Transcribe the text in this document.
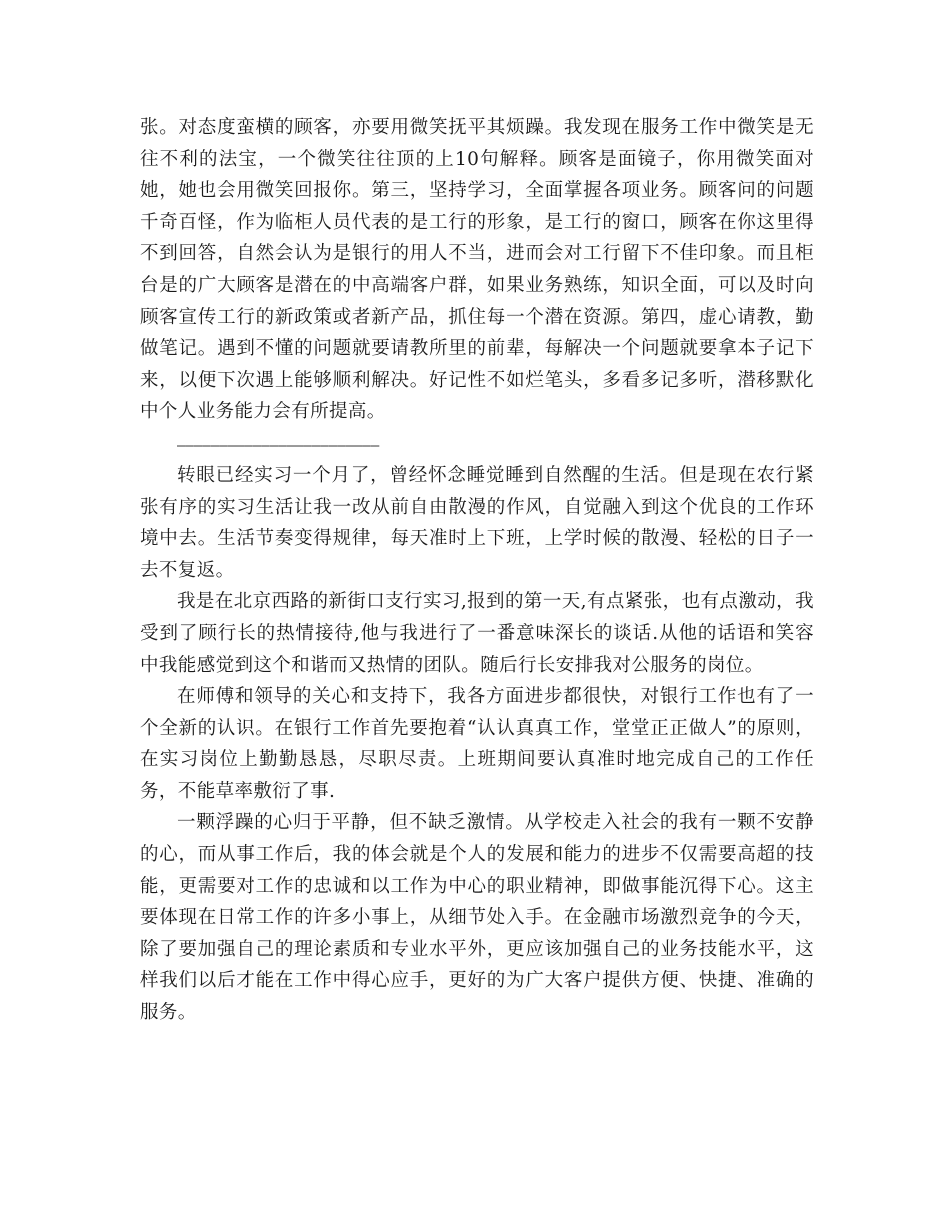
张。对态度蛮横的顾客，亦要用微笑抚平其烦躁。我发现在服务工作中微笑是无往不利的法宝，一个微笑往往顶的上10句解释。顾客是面镜子，你用微笑面对她，她也会用微笑回报你。第三，坚持学习，全面掌握各项业务。顾客问的问题千奇百怪，作为临柜人员代表的是工行的形象，是工行的窗口，顾客在你这里得不到回答，自然会认为是银行的用人不当，进而会对工行留下不佳印象。而且柜台是的广大顾客是潜在的中高端客户群，如果业务熟练，知识全面，可以及时向顾客宣传工行的新政策或者新产品，抓住每一个潜在资源。第四，虚心请教，勤做笔记。遇到不懂的问题就要请教所里的前辈，每解决一个问题就要拿本子记下来，以便下次遇上能够顺利解决。好记性不如烂笔头，多看多记多听，潜移默化中个人业务能力会有所提高。

————————————————————————

转眼已经实习一个月了，曾经怀念睡觉睡到自然醒的生活。但是现在农行紧张有序的实习生活让我一改从前自由散漫的作风，自觉融入到这个优良的工作环境中去。生活节奏变得规律，每天准时上下班，上学时候的散漫、轻松的日子一去不复返。

我是在北京西路的新街口支行实习,报到的第一天,有点紧张，也有点激动，我受到了顾行长的热情接待,他与我进行了一番意味深长的谈话.从他的话语和笑容中我能感觉到这个和谐而又热情的团队。随后行长安排我对公服务的岗位。

在师傅和领导的关心和支持下，我各方面进步都很快，对银行工作也有了一个全新的认识。在银行工作首先要抱着“认认真真工作，堂堂正正做人”的原则，在实习岗位上勤勤恳恳，尽职尽责。上班期间要认真准时地完成自己的工作任务，不能草率敷衍了事.

一颗浮躁的心归于平静，但不缺乏激情。从学校走入社会的我有一颗不安静的心，而从事工作后，我的体会就是个人的发展和能力的进步不仅需要高超的技能，更需要对工作的忠诚和以工作为中心的职业精神，即做事能沉得下心。这主要体现在日常工作的许多小事上，从细节处入手。在金融市场激烈竞争的今天，除了要加强自己的理论素质和专业水平外，更应该加强自己的业务技能水平，这样我们以后才能在工作中得心应手，更好的为广大客户提供方便、快捷、准确的服务。
